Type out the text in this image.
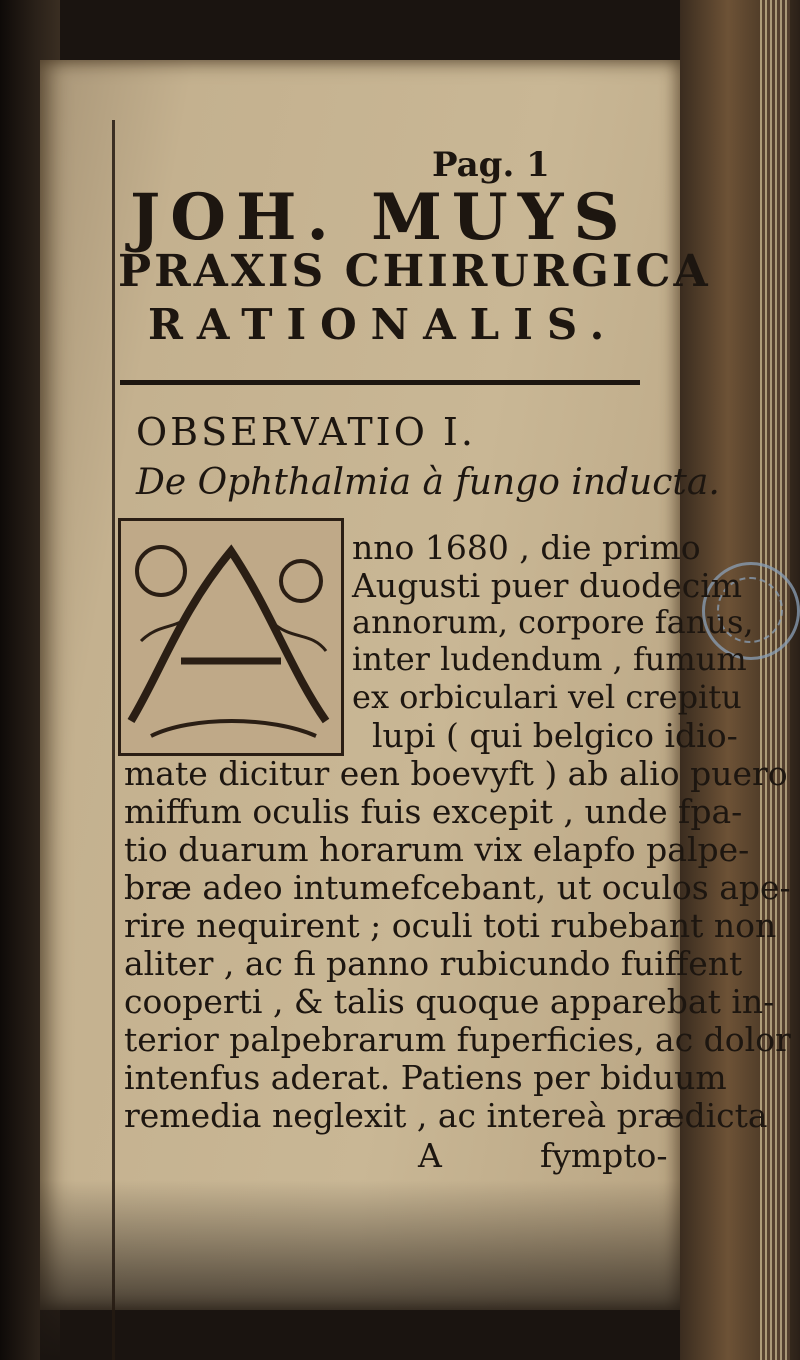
Pag. 1
JOH. MUYS
PRAXIS CHIRURGICA
RATIONALIS.
OBSERVATIO I.
De Ophthalmia à fungo inducta.
nno 1680 , die primo
Augusti puer duodecim
annorum, corpore fanus,
inter ludendum , fumum
ex orbiculari vel crepitu
lupi ( qui belgico idio-
mate dicitur een boevyft ) ab alio puero
miffum oculis fuis excepit , unde fpa-
tio duarum horarum vix elapfo palpe-
bræ adeo intumefcebant, ut oculos ape-
rire nequirent ; oculi toti rubebant non
aliter , ac fi panno rubicundo fuiffent
cooperti , & talis quoque apparebat in-
terior palpebrarum fuperficies, ac dolor
intenfus aderat. Patiens per biduum
remedia neglexit , ac intereà prædicta
A	fympto-
